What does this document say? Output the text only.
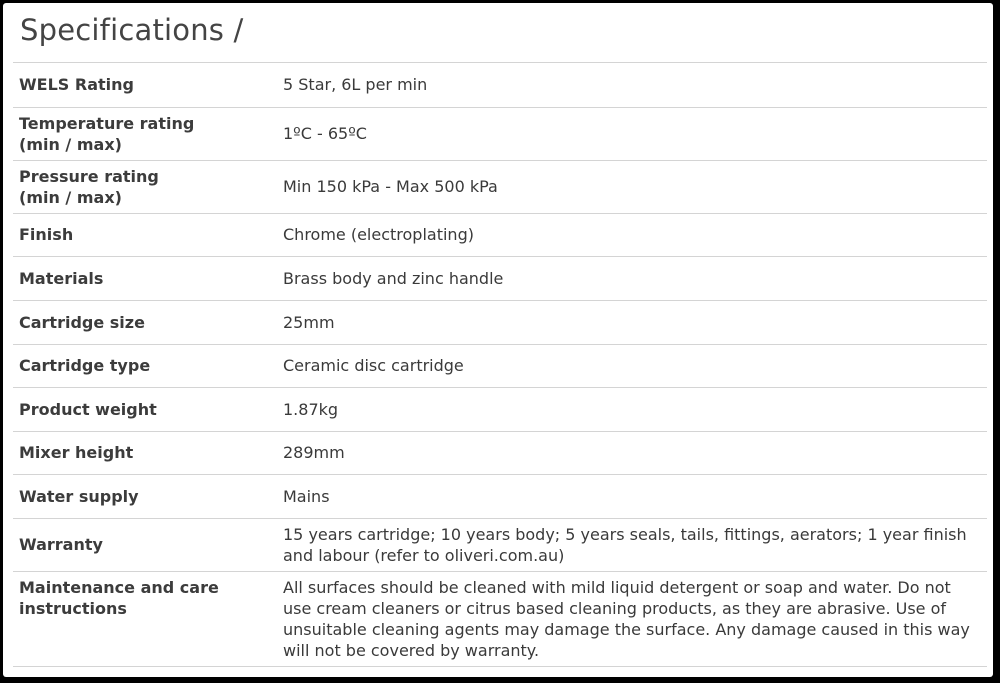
Specifications /
WELS Rating	5 Star, 6L per min
Temperature rating (min / max)	1ºC - 65ºC
Pressure rating (min / max)	Min 150 kPa - Max 500 kPa
Finish	Chrome (electroplating)
Materials	Brass body and zinc handle
Cartridge size	25mm
Cartridge type	Ceramic disc cartridge
Product weight	1.87kg
Mixer height	289mm
Water supply	Mains
Warranty	15 years cartridge; 10 years body; 5 years seals, tails, fittings, aerators; 1 year finish and labour (refer to oliveri.com.au)
Maintenance and care instructions	All surfaces should be cleaned with mild liquid detergent or soap and water. Do not use cream cleaners or citrus based cleaning products, as they are abrasive. Use of unsuitable cleaning agents may damage the surface. Any damage caused in this way will not be covered by warranty.
